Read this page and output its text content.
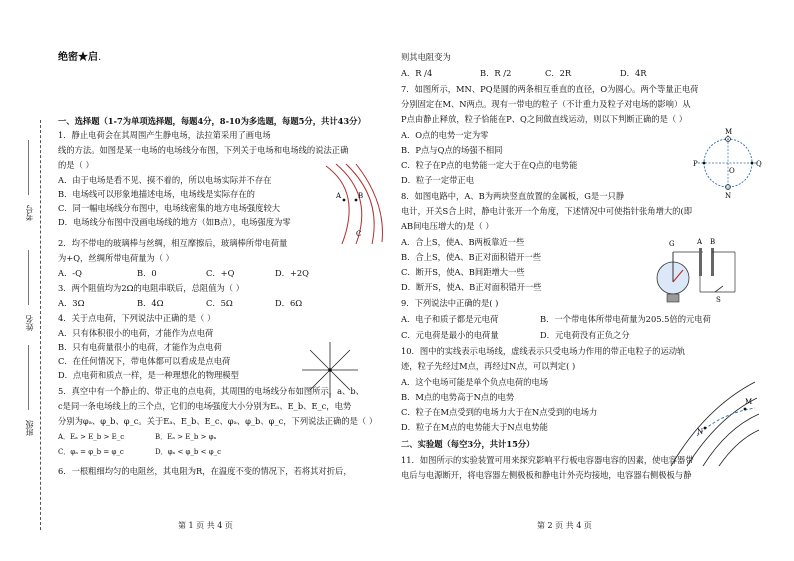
考号
姓名
班级
绝密★启.
一、选择题（1-7为单项选择题，每题4分，8-10为多选题，每题5分，共计43分）
1．静止电荷会在其周围产生静电场，法拉第采用了画电场
线的方法。如图是某一电场的电场线分布图，下列关于电场和电场线的说法正确
的是（ ）
A．由于电场是看不见、摸不着的，所以电场实际并不存在
B．电场线可以形象地描述电场，电场线是实际存在的
C．同一幅电场线分布图中，电场线密集的地方电场强度较大
D．电场线分布图中没画电场线的地方（如B点），电场强度为零
A B
C
2．均不带电的玻璃棒与丝绸，相互摩擦后，玻璃棒所带电荷量
为+Q，丝绸所带电荷量为（ ）
A．-Q	B．0	C．+Q	D．+2Q
3．两个阻值均为2Ω的电阻串联后，总阻值为（ ）
A．3Ω	B．4Ω	C．5Ω	D．6Ω
4．关于点电荷，下列说法中正确的是（ ）
A．只有体积很小的电荷，才能作为点电荷
B．只有电荷量很小的电荷，才能作为点电荷
C．在任何情况下，带电体都可以看成是点电荷
D．点电荷和质点一样，是一种理想化的物理模型
5．真空中有一个静止的、带正电的点电荷，其周围的电场线分布如图所示，a、b、
c是同一条电场线上的三个点，它们的电场强度大小分别为Eₐ、E_b、E_c，电势
分别为φₐ、φ_b、φ_c。关于Eₐ、E_b、E_c、φₐ、φ_b、φ_c，下列说法正确的是（ ）
A．Eₐ > E_b > E_c	B．Eₐ > E_b > φₐ
C．φₐ = φ_b = φ_c	D．φₐ < φ_b < φ_c
6．一根粗细均匀的电阻丝，其电阻为R，在温度不变的情况下，若将其对折后，
第 1 页 共 4 页
则其电阻变为
A．R /4	B．R /2	C．2R	D．4R
7．如图所示，MN、PQ是圆的两条相互垂直的直径，O为圆心。两个等量正电荷
分别固定在M、N两点。现有一带电的粒子（不计重力及粒子对电场的影响）从
P点由静止释放，粒子恰能在P、Q之间做直线运动，则以下判断正确的是（ ）
A．O点的电势一定为零
B．P点与Q点的场强不相同
C．粒子在P点的电势能一定大于在Q点的电势能
D．粒子一定带正电
M
N
P	Q
O
8．如图电路中，A、B为两块竖直放置的金属板，G是一只静
电计，开关S合上时，静电计张开一个角度，下述情况中可使指针张角增大的(即
AB间电压增大的)是（ ）
A．合上S，使A、B两板靠近一些
B．合上S，使A、B正对面积错开一些
C．断开S，使A、B间距增大一些
D．断开S，使A、B正对面积错开一些
G	A B
S
9．下列说法中正确的是( )
A．电子和质子都是元电荷	B．一个带电体所带电荷量为205.5倍的元电荷
C．元电荷是最小的电荷量	D．元电荷没有正负之分
10．图中的实线表示电场线，虚线表示只受电场力作用的带正电粒子的运动轨
迹，粒子先经过M点，再经过N点，可以判定( )
A．这个电场可能是单个负点电荷的电场
B．M点的电势高于N点的电势
C．粒子在M点受到的电场力大于在N点受到的电场力
D．粒子在M点的电势能大于N点电势能
M
N
二、实验题（每空3分，共计15分）
11．如图所示的实验装置可用来探究影响平行板电容器电容的因素，使电容器带
电后与电源断开，将电容器左侧极板和静电计外壳均接地，电容器右侧极板与静
第 2 页 共 4 页
